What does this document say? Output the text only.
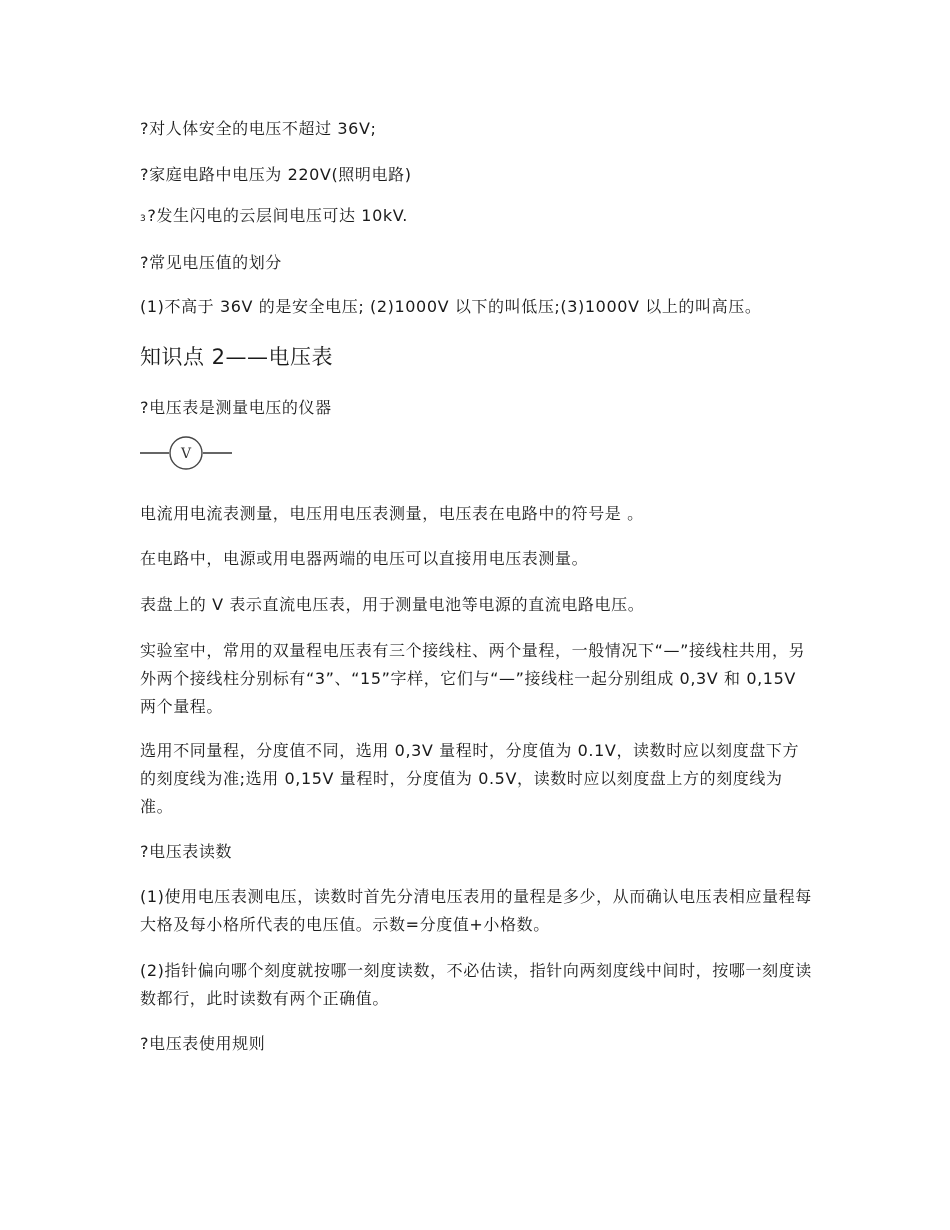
?对人体安全的电压不超过 36V;
?家庭电路中电压为 220V(照明电路)
3?发生闪电的云层间电压可达 10kV.
?常见电压值的划分
(1)不高于 36V 的是安全电压; (2)1000V 以下的叫低压;(3)1000V 以上的叫高压。
知识点 2——电压表
?电压表是测量电压的仪器
V
电流用电流表测量，电压用电压表测量，电压表在电路中的符号是 。
在电路中，电源或用电器两端的电压可以直接用电压表测量。
表盘上的 V 表示直流电压表，用于测量电池等电源的直流电路电压。
实验室中，常用的双量程电压表有三个接线柱、两个量程，一般情况下“—”接线柱共用，另外两个接线柱分别标有“3”、“15”字样，它们与“—”接线柱一起分别组成 0,3V 和 0,15V 两个量程。
选用不同量程，分度值不同，选用 0,3V 量程时，分度值为 0.1V，读数时应以刻度盘下方的刻度线为准;选用 0,15V 量程时，分度值为 0.5V，读数时应以刻度盘上方的刻度线为准。
?电压表读数
(1)使用电压表测电压，读数时首先分清电压表用的量程是多少，从而确认电压表相应量程每大格及每小格所代表的电压值。示数=分度值+小格数。
(2)指针偏向哪个刻度就按哪一刻度读数，不必估读，指针向两刻度线中间时，按哪一刻度读数都行，此时读数有两个正确值。
?电压表使用规则
